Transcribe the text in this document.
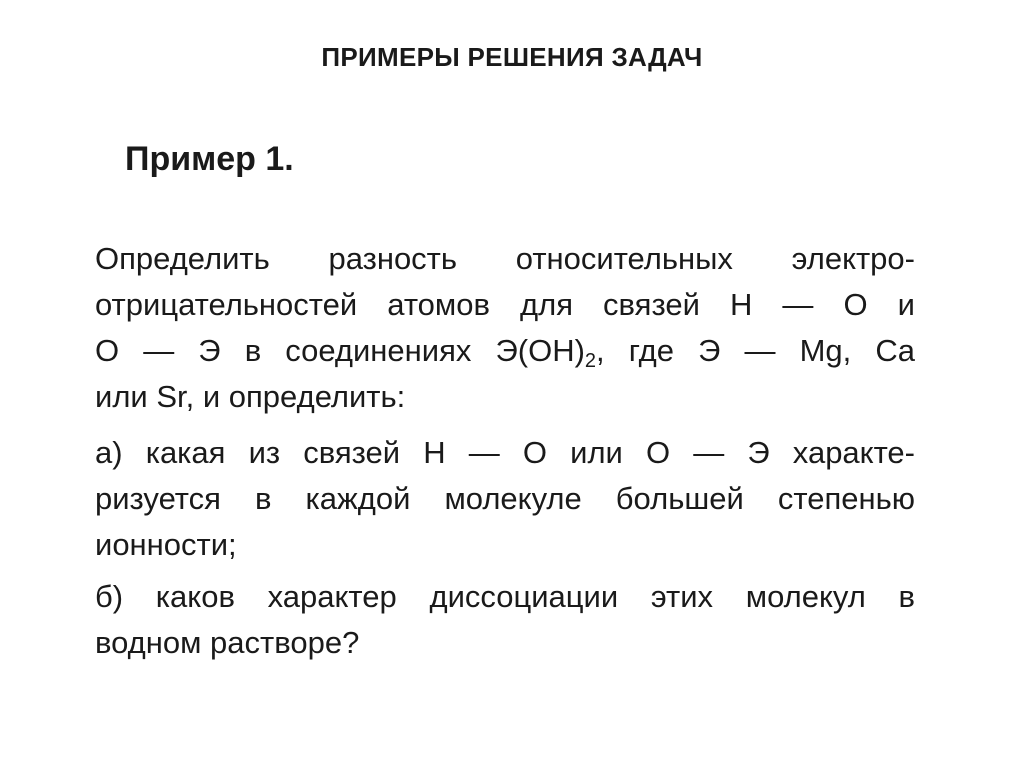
ПРИМЕРЫ РЕШЕНИЯ ЗАДАЧ
Пример 1.
Определить разность относительных электро-
отрицательностей атомов для связей Н — О и
О — Э в соединениях $Э(ОН)_2$, где Э — Mg, Ca
или Sr, и определить:
а) какая из связей Н — О или О — Э характе-
ризуется в каждой молекуле большей степенью
ионности;
б) каков характер диссоциации этих молекул в
водном растворе?
